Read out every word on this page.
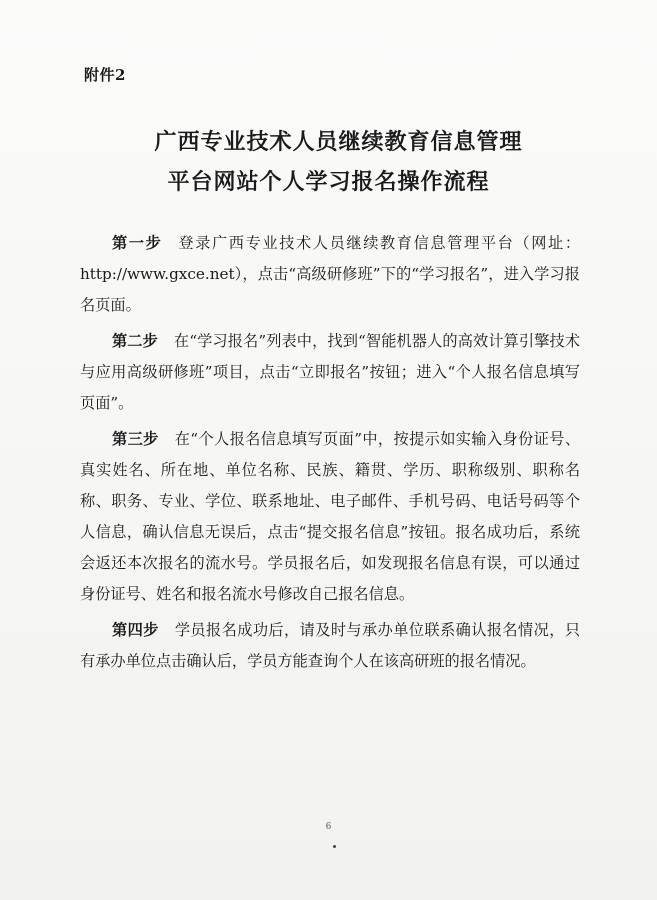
附件2
广西专业技术人员继续教育信息管理
平台网站个人学习报名操作流程

第一步 登录广西专业技术人员继续教育信息管理平台（网址：http://www.gxce.net），点击“高级研修班”下的“学习报名”，进入学习报名页面。

第二步 在“学习报名”列表中，找到“智能机器人的高效计算引擎技术与应用高级研修班”项目，点击“立即报名”按钮；进入“个人报名信息填写页面”。

第三步 在“个人报名信息填写页面”中，按提示如实输入身份证号、真实姓名、所在地、单位名称、民族、籍贯、学历、职称级别、职称名称、职务、专业、学位、联系地址、电子邮件、手机号码、电话号码等个人信息，确认信息无误后，点击“提交报名信息”按钮。报名成功后，系统会返还本次报名的流水号。学员报名后，如发现报名信息有误，可以通过身份证号、姓名和报名流水号修改自己报名信息。

第四步 学员报名成功后，请及时与承办单位联系确认报名情况，只有承办单位点击确认后，学员方能查询个人在该高研班的报名情况。

6
